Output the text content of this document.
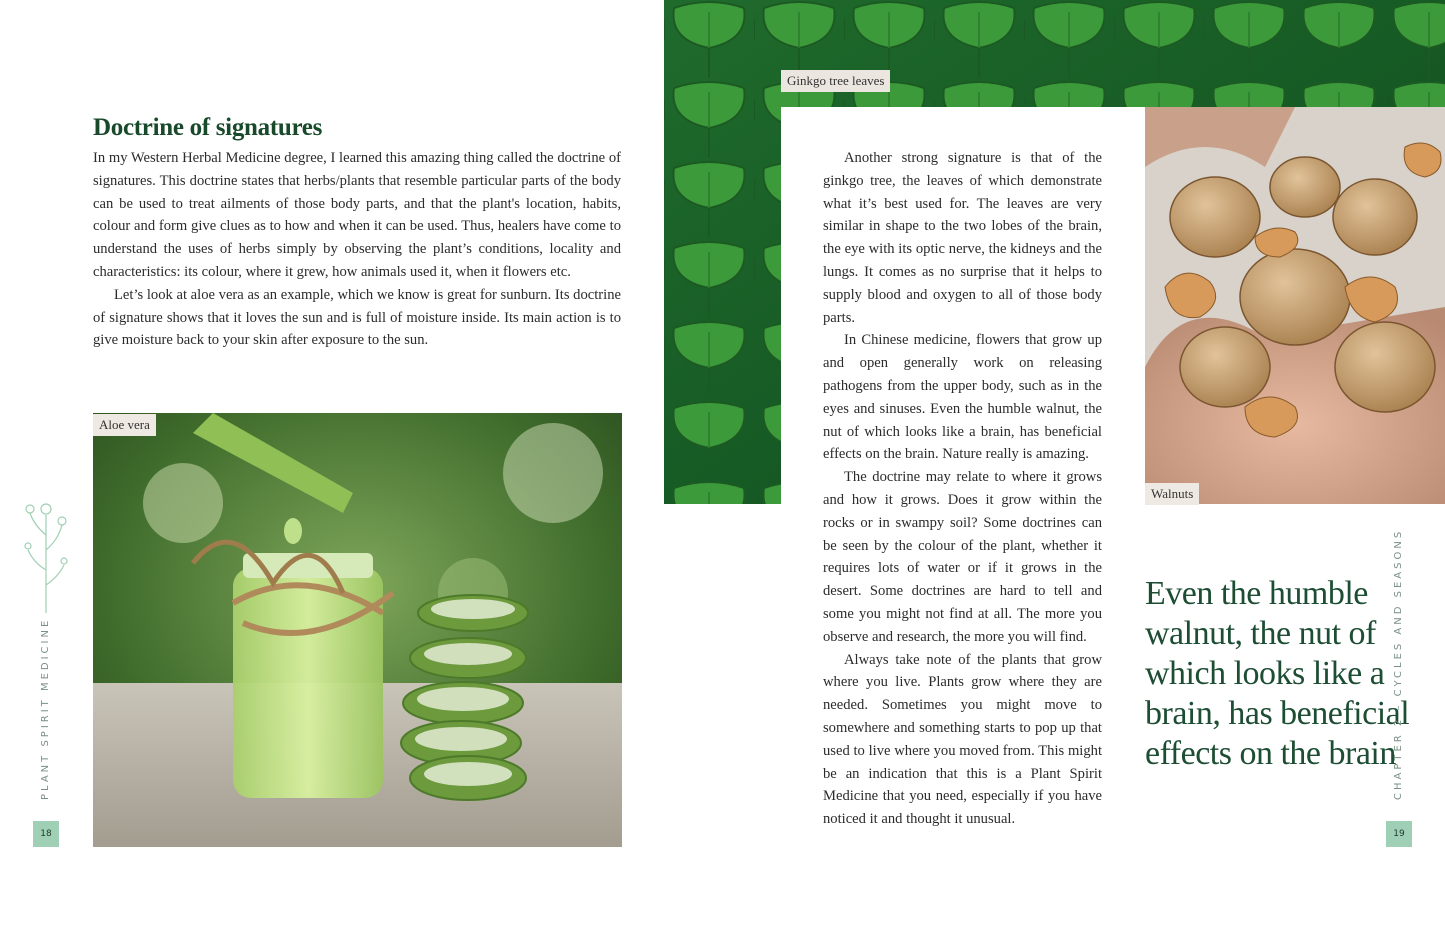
Doctrine of signatures

In my Western Herbal Medicine degree, I learned this amazing thing called the doctrine of signatures. This doctrine states that herbs/plants that resemble particular parts of the body can be used to treat ailments of those body parts, and that the plant's location, habits, colour and form give clues as to how and when it can be used. Thus, healers have come to understand the uses of herbs simply by observing the plant’s conditions, locality and characteristics: its colour, where it grew, how animals used it, when it flowers etc.

Let’s look at aloe vera as an example, which we know is great for sunburn. Its doctrine of signature shows that it loves the sun and is full of moisture inside. Its main action is to give moisture back to your skin after exposure to the sun.

Aloe vera
PLANT SPIRIT MEDICINE
18
Ginkgo tree leaves

Another strong signature is that of the ginkgo tree, the leaves of which demonstrate what it’s best used for. The leaves are very similar in shape to the two lobes of the brain, the eye with its optic nerve, the kidneys and the lungs. It comes as no surprise that it helps to supply blood and oxygen to all of those body parts.

In Chinese medicine, flowers that grow up and open generally work on releasing pathogens from the upper body, such as in the eyes and sinuses. Even the humble walnut, the nut of which looks like a brain, has beneficial effects on the brain. Nature really is amazing.

The doctrine may relate to where it grows and how it grows. Does it grow within the rocks or in swampy soil? Some doctrines can be seen by the colour of the plant, whether it requires lots of water or if it grows in the desert. Some doctrines are hard to tell and some you might not find at all. The more you observe and research, the more you will find.

Always take note of the plants that grow where you live. Plants grow where they are needed. Sometimes you might move to somewhere and something starts to pop up that used to live where you moved from. This might be an indication that this is a Plant Spirit Medicine that you need, especially if you have noticed it and thought it unusual.

Walnuts
Even the humble walnut, the nut of which looks like a brain, has beneficial effects on the brain
CHAPTER 2 – CYCLES AND SEASONS
19
